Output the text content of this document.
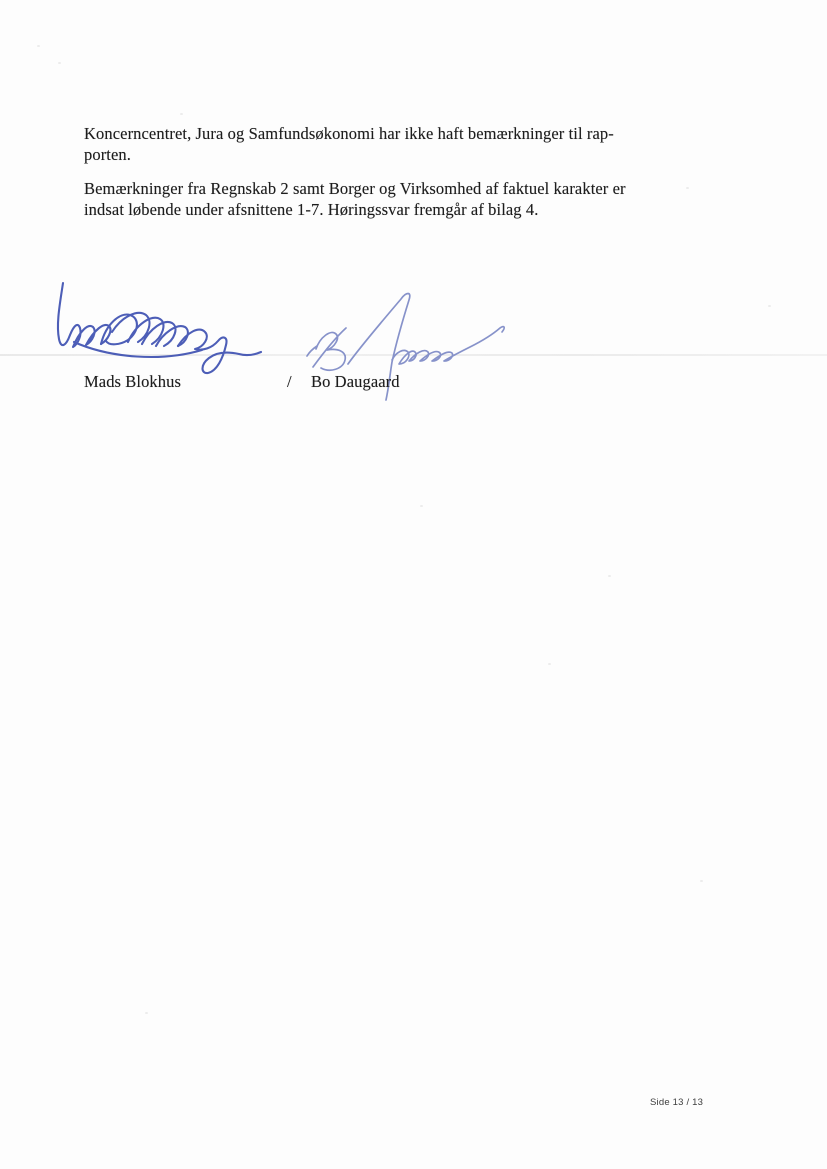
Koncerncentret, Jura og Samfundsøkonomi har ikke haft bemærkninger til rap-
porten.
Bemærkninger fra Regnskab 2 samt Borger og Virksomhed af faktuel karakter er
indsat løbende under afsnittene 1-7. Høringssvar fremgår af bilag 4.
Mads Blokhus	/ Bo Daugaard
Side 13 / 13
